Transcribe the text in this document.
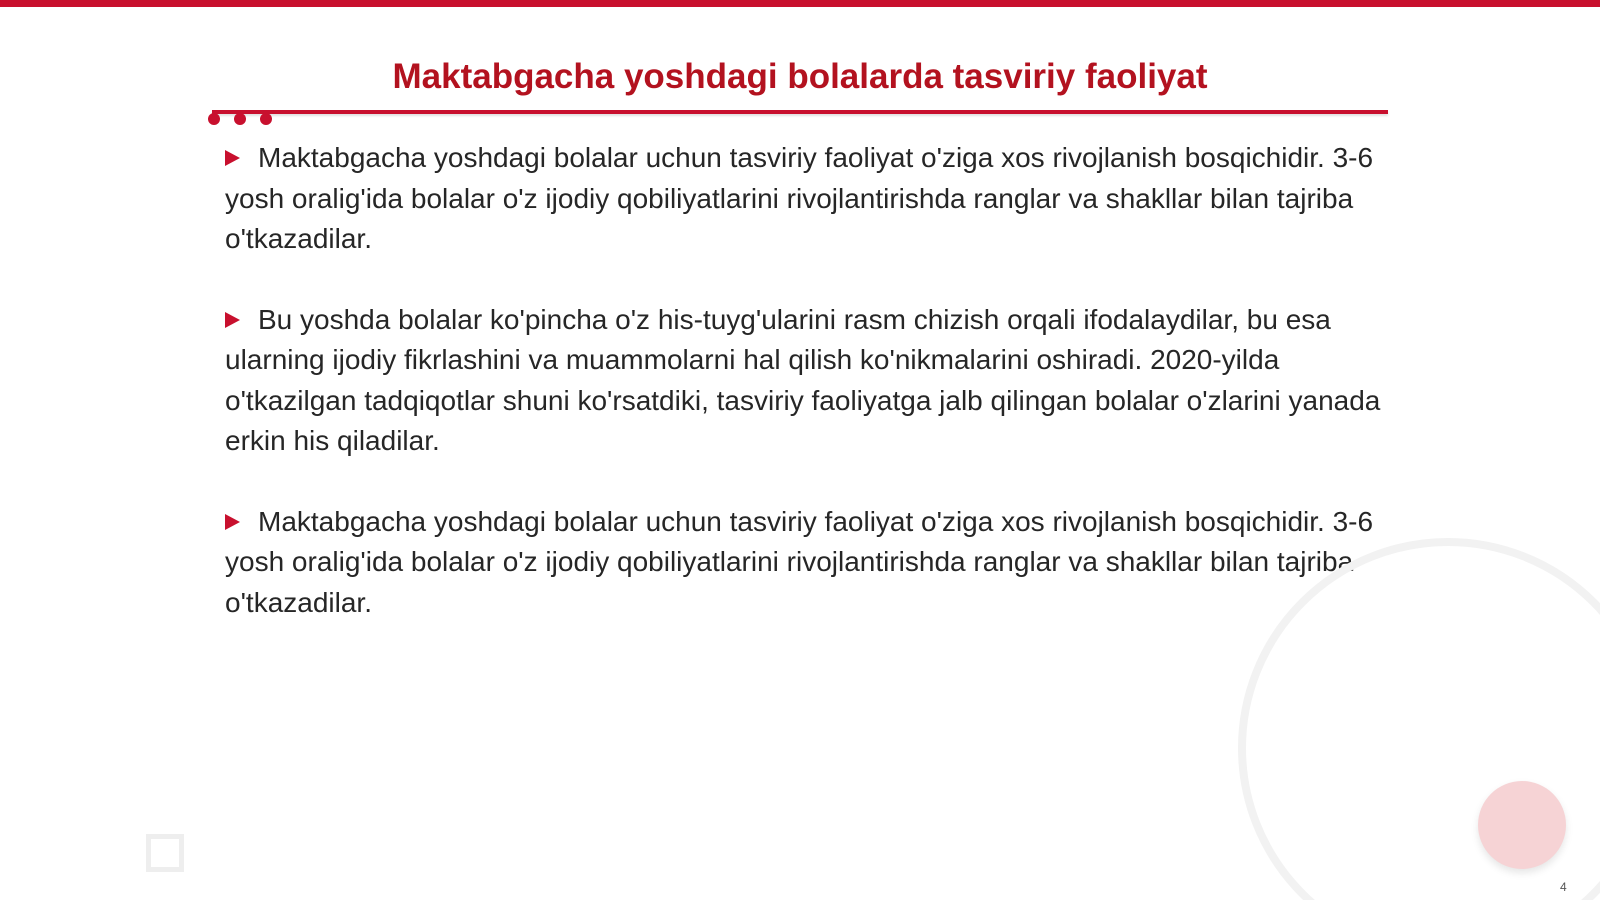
Maktabgacha yoshdagi bolalarda tasviriy faoliyat

Maktabgacha yoshdagi bolalar uchun tasviriy faoliyat o'ziga xos rivojlanish bosqichidir. 3-6 yosh oralig'ida bolalar o'z ijodiy qobiliyatlarini rivojlantirishda ranglar va shakllar bilan tajriba o'tkazadilar.

Bu yoshda bolalar ko'pincha o'z his-tuyg'ularini rasm chizish orqali ifodalaydilar, bu esa ularning ijodiy fikrlashini va muammolarni hal qilish ko'nikmalarini oshiradi. 2020-yilda o'tkazilgan tadqiqotlar shuni ko'rsatdiki, tasviriy faoliyatga jalb qilingan bolalar o'zlarini yanada erkin his qiladilar.

Maktabgacha yoshdagi bolalar uchun tasviriy faoliyat o'ziga xos rivojlanish bosqichidir. 3-6 yosh oralig'ida bolalar o'z ijodiy qobiliyatlarini rivojlantirishda ranglar va shakllar bilan tajriba o'tkazadilar.

4
